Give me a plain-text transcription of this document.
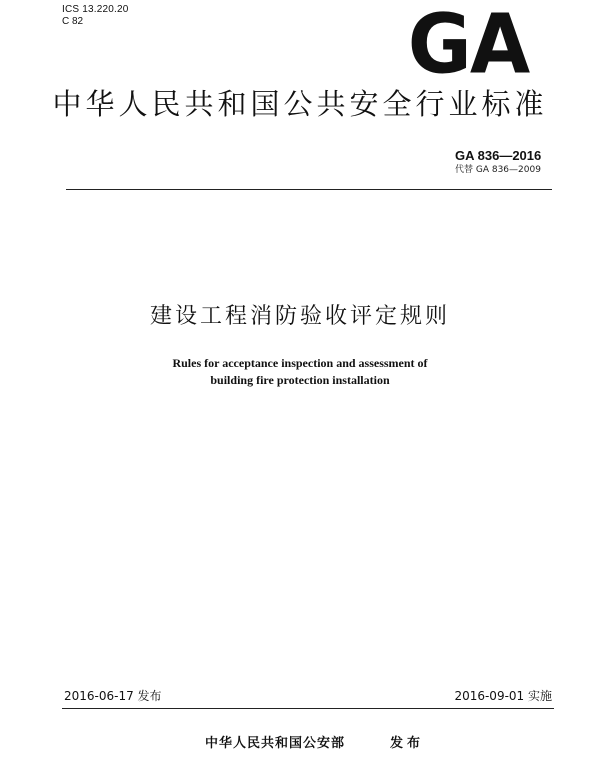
ICS 13.220.20
C 82	GA
中华人民共和国公共安全行业标准
GA 836—2016
代替 GA 836—2009
建设工程消防验收评定规则
Rules for acceptance inspection and assessment of
building fire protection installation
2016-06-17 发布	2016-09-01 实施
中华人民共和国公安部	发布
